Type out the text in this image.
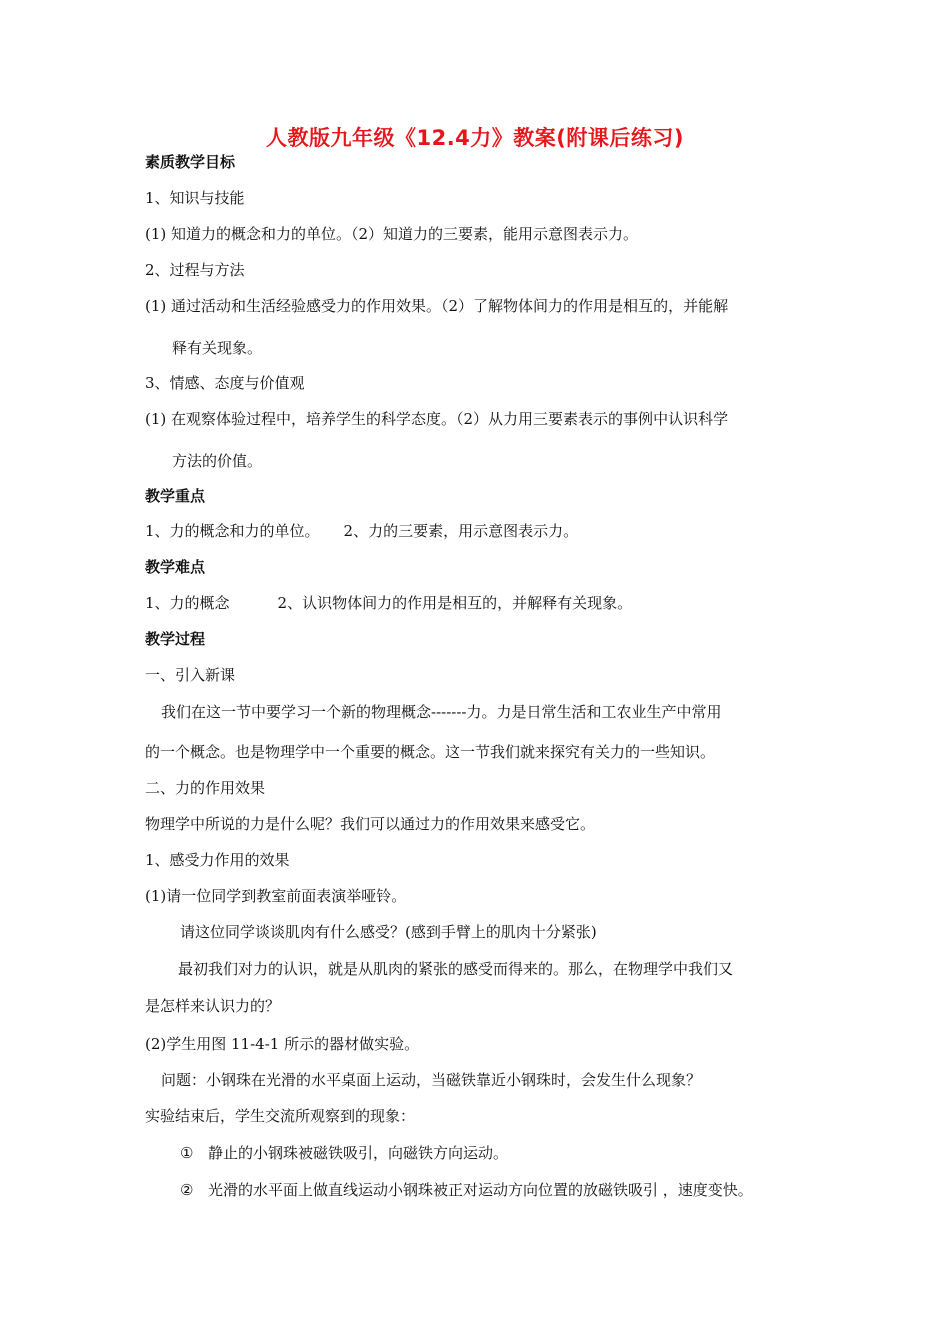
人教版九年级《12.4力》教案(附课后练习)
素质教学目标
1、知识与技能
(1) 知道力的概念和力的单位。（2）知道力的三要素，能用示意图表示力。
2、过程与方法
(1) 通过活动和生活经验感受力的作用效果。（2）了解物体间力的作用是相互的，并能解
释有关现象。
3、情感、态度与价值观
(1) 在观察体验过程中，培养学生的科学态度。（2）从力用三要素表示的事例中认识科学
方法的价值。
教学重点
1、力的概念和力的单位。 2、力的三要素，用示意图表示力。
教学难点
1、力的概念	2、认识物体间力的作用是相互的，并解释有关现象。
教学过程
一、引入新课
我们在这一节中要学习一个新的物理概念-------力。力是日常生活和工农业生产中常用
的一个概念。也是物理学中一个重要的概念。这一节我们就来探究有关力的一些知识。
二、力的作用效果
物理学中所说的力是什么呢？我们可以通过力的作用效果来感受它。
1、感受力作用的效果
(1)请一位同学到教室前面表演举哑铃。
请这位同学谈谈肌肉有什么感受？(感到手臂上的肌肉十分紧张)
最初我们对力的认识，就是从肌肉的紧张的感受而得来的。那么，在物理学中我们又
是怎样来认识力的？
(2)学生用图 11-4-1 所示的器材做实验。
问题：小钢珠在光滑的水平桌面上运动，当磁铁靠近小钢珠时，会发生什么现象？
实验结束后，学生交流所观察到的现象：
① 静止的小钢珠被磁铁吸引，向磁铁方向运动。
② 光滑的水平面上做直线运动小钢珠被正对运动方向位置的放磁铁吸引 ，速度变快。
